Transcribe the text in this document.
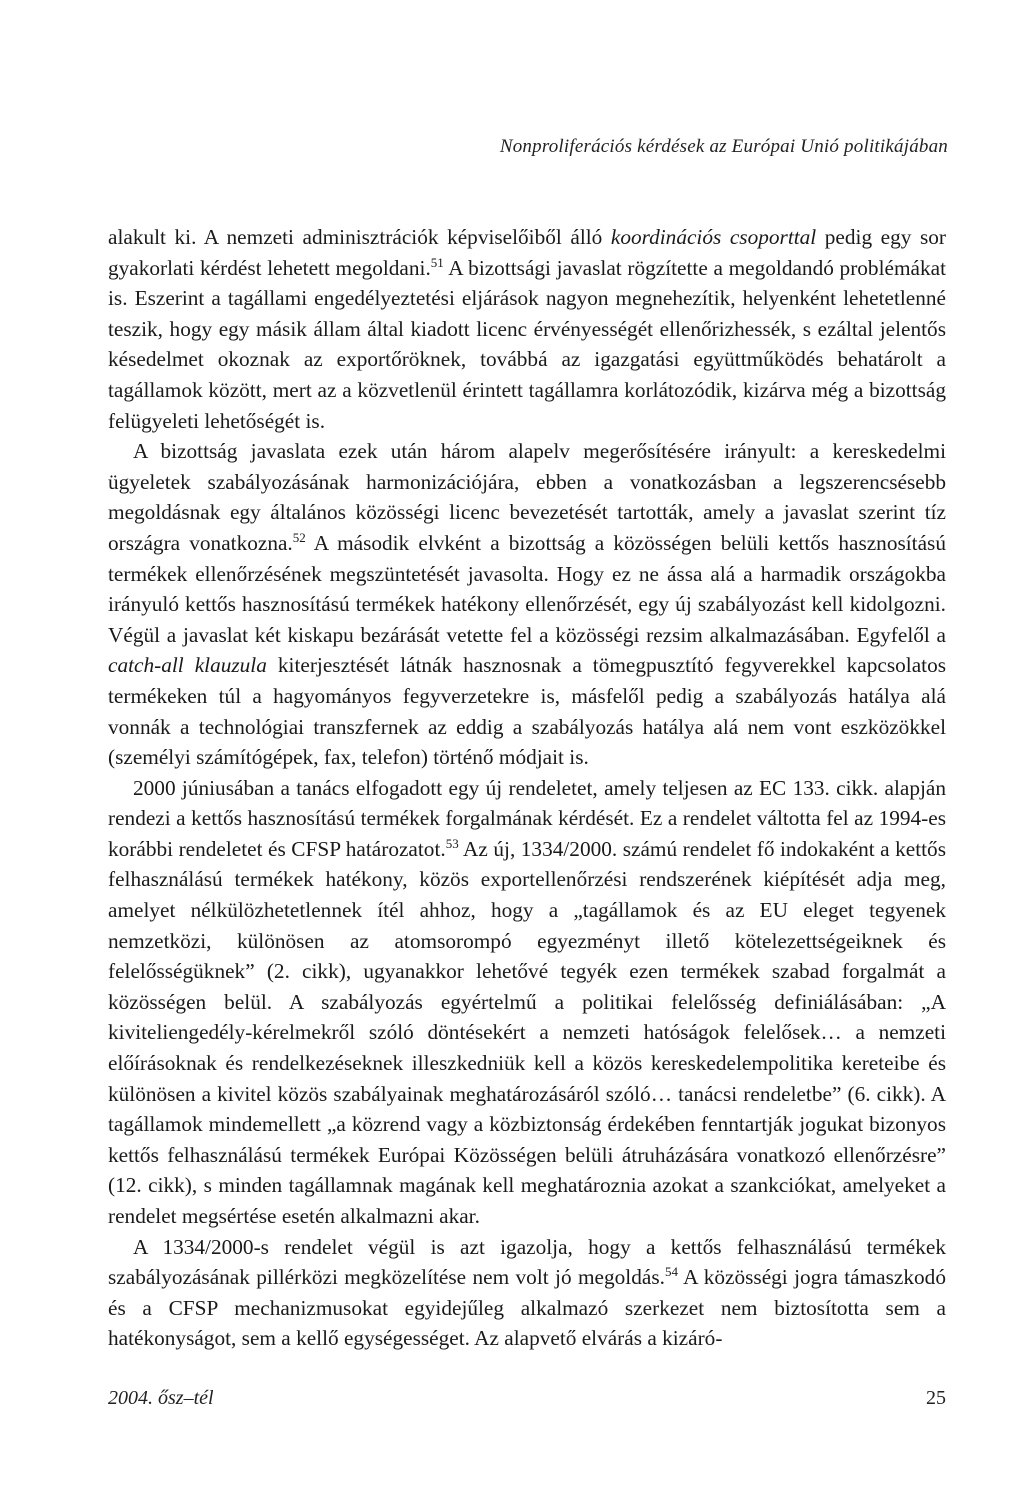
Nonproliferációs kérdések az Európai Unió politikájában

alakult ki. A nemzeti adminisztrációk képviselőiből álló koordinációs csoporttal pedig egy sor gyakorlati kérdést lehetett megoldani.$^{51}$ A bizottsági javaslat rögzítette a megoldandó problémákat is. Eszerint a tagállami engedélyeztetési eljárások nagyon megnehezítik, helyenként lehetetlenné teszik, hogy egy másik állam által kiadott licenc érvényességét ellenőrizhessék, s ezáltal jelentős késedelmet okoznak az exportőröknek, továbbá az igazgatási együttműködés behatárolt a tagállamok között, mert az a közvetlenül érintett tagállamra korlátozódik, kizárva még a bizottság felügyeleti lehetőségét is.

A bizottság javaslata ezek után három alapelv megerősítésére irányult: a kereskedelmi ügyeletek szabályozásának harmonizációjára, ebben a vonatkozásban a legszerencsésebb megoldásnak egy általános közösségi licenc bevezetését tartották, amely a javaslat szerint tíz országra vonatkozna.$^{52}$ A második elvként a bizottság a közösségen belüli kettős hasznosítású termékek ellenőrzésének megszüntetését javasolta. Hogy ez ne ássa alá a harmadik országokba irányuló kettős hasznosítású termékek hatékony ellenőrzését, egy új szabályozást kell kidolgozni. Végül a javaslat két kiskapu bezárását vetette fel a közösségi rezsim alkalmazásában. Egyfelől a catch-all klauzula kiterjesztését látnák hasznosnak a tömegpusztító fegyverekkel kapcsolatos termékeken túl a hagyományos fegyverzetekre is, másfelől pedig a szabályozás hatálya alá vonnák a technológiai transzfernek az eddig a szabályozás hatálya alá nem vont eszközökkel (személyi számítógépek, fax, telefon) történő módjait is.

2000 júniusában a tanács elfogadott egy új rendeletet, amely teljesen az EC 133. cikk. alapján rendezi a kettős hasznosítású termékek forgalmának kérdését. Ez a rendelet váltotta fel az 1994-es korábbi rendeletet és CFSP határozatot.$^{53}$ Az új, 1334/2000. számú rendelet fő indokaként a kettős felhasználású termékek hatékony, közös exportellenőrzési rendszerének kiépítését adja meg, amelyet nélkülözhetetlennek ítél ahhoz, hogy a „tagállamok és az EU eleget tegyenek nemzetközi, különösen az atomsorompó egyezményt illető kötelezettségeiknek és felelősségüknek” (2. cikk), ugyanakkor lehetővé tegyék ezen termékek szabad forgalmát a közösségen belül. A szabályozás egyértelmű a politikai felelősség definiálásában: „A kiviteliengedély-kérelmekről szóló döntésekért a nemzeti hatóságok felelősek… a nemzeti előírásoknak és rendelkezéseknek illeszkedniük kell a közös kereskedelempolitika kereteibe és különösen a kivitel közös szabályainak meghatározásáról szóló… tanácsi rendeletbe” (6. cikk). A tagállamok mindemellett „a közrend vagy a közbiztonság érdekében fenntartják jogukat bizonyos kettős felhasználású termékek Európai Közösségen belüli átruházására vonatkozó ellenőrzésre” (12. cikk), s minden tagállamnak magának kell meghatároznia azokat a szankciókat, amelyeket a rendelet megsértése esetén alkalmazni akar.

A 1334/2000-s rendelet végül is azt igazolja, hogy a kettős felhasználású termékek szabályozásának pillérközi megközelítése nem volt jó megoldás.$^{54}$ A közösségi jogra támaszkodó és a CFSP mechanizmusokat egyidejűleg alkalmazó szerkezet nem biztosította sem a hatékonyságot, sem a kellő egységességet. Az alapvető elvárás a kizáró-

2004. ősz–tél	25
